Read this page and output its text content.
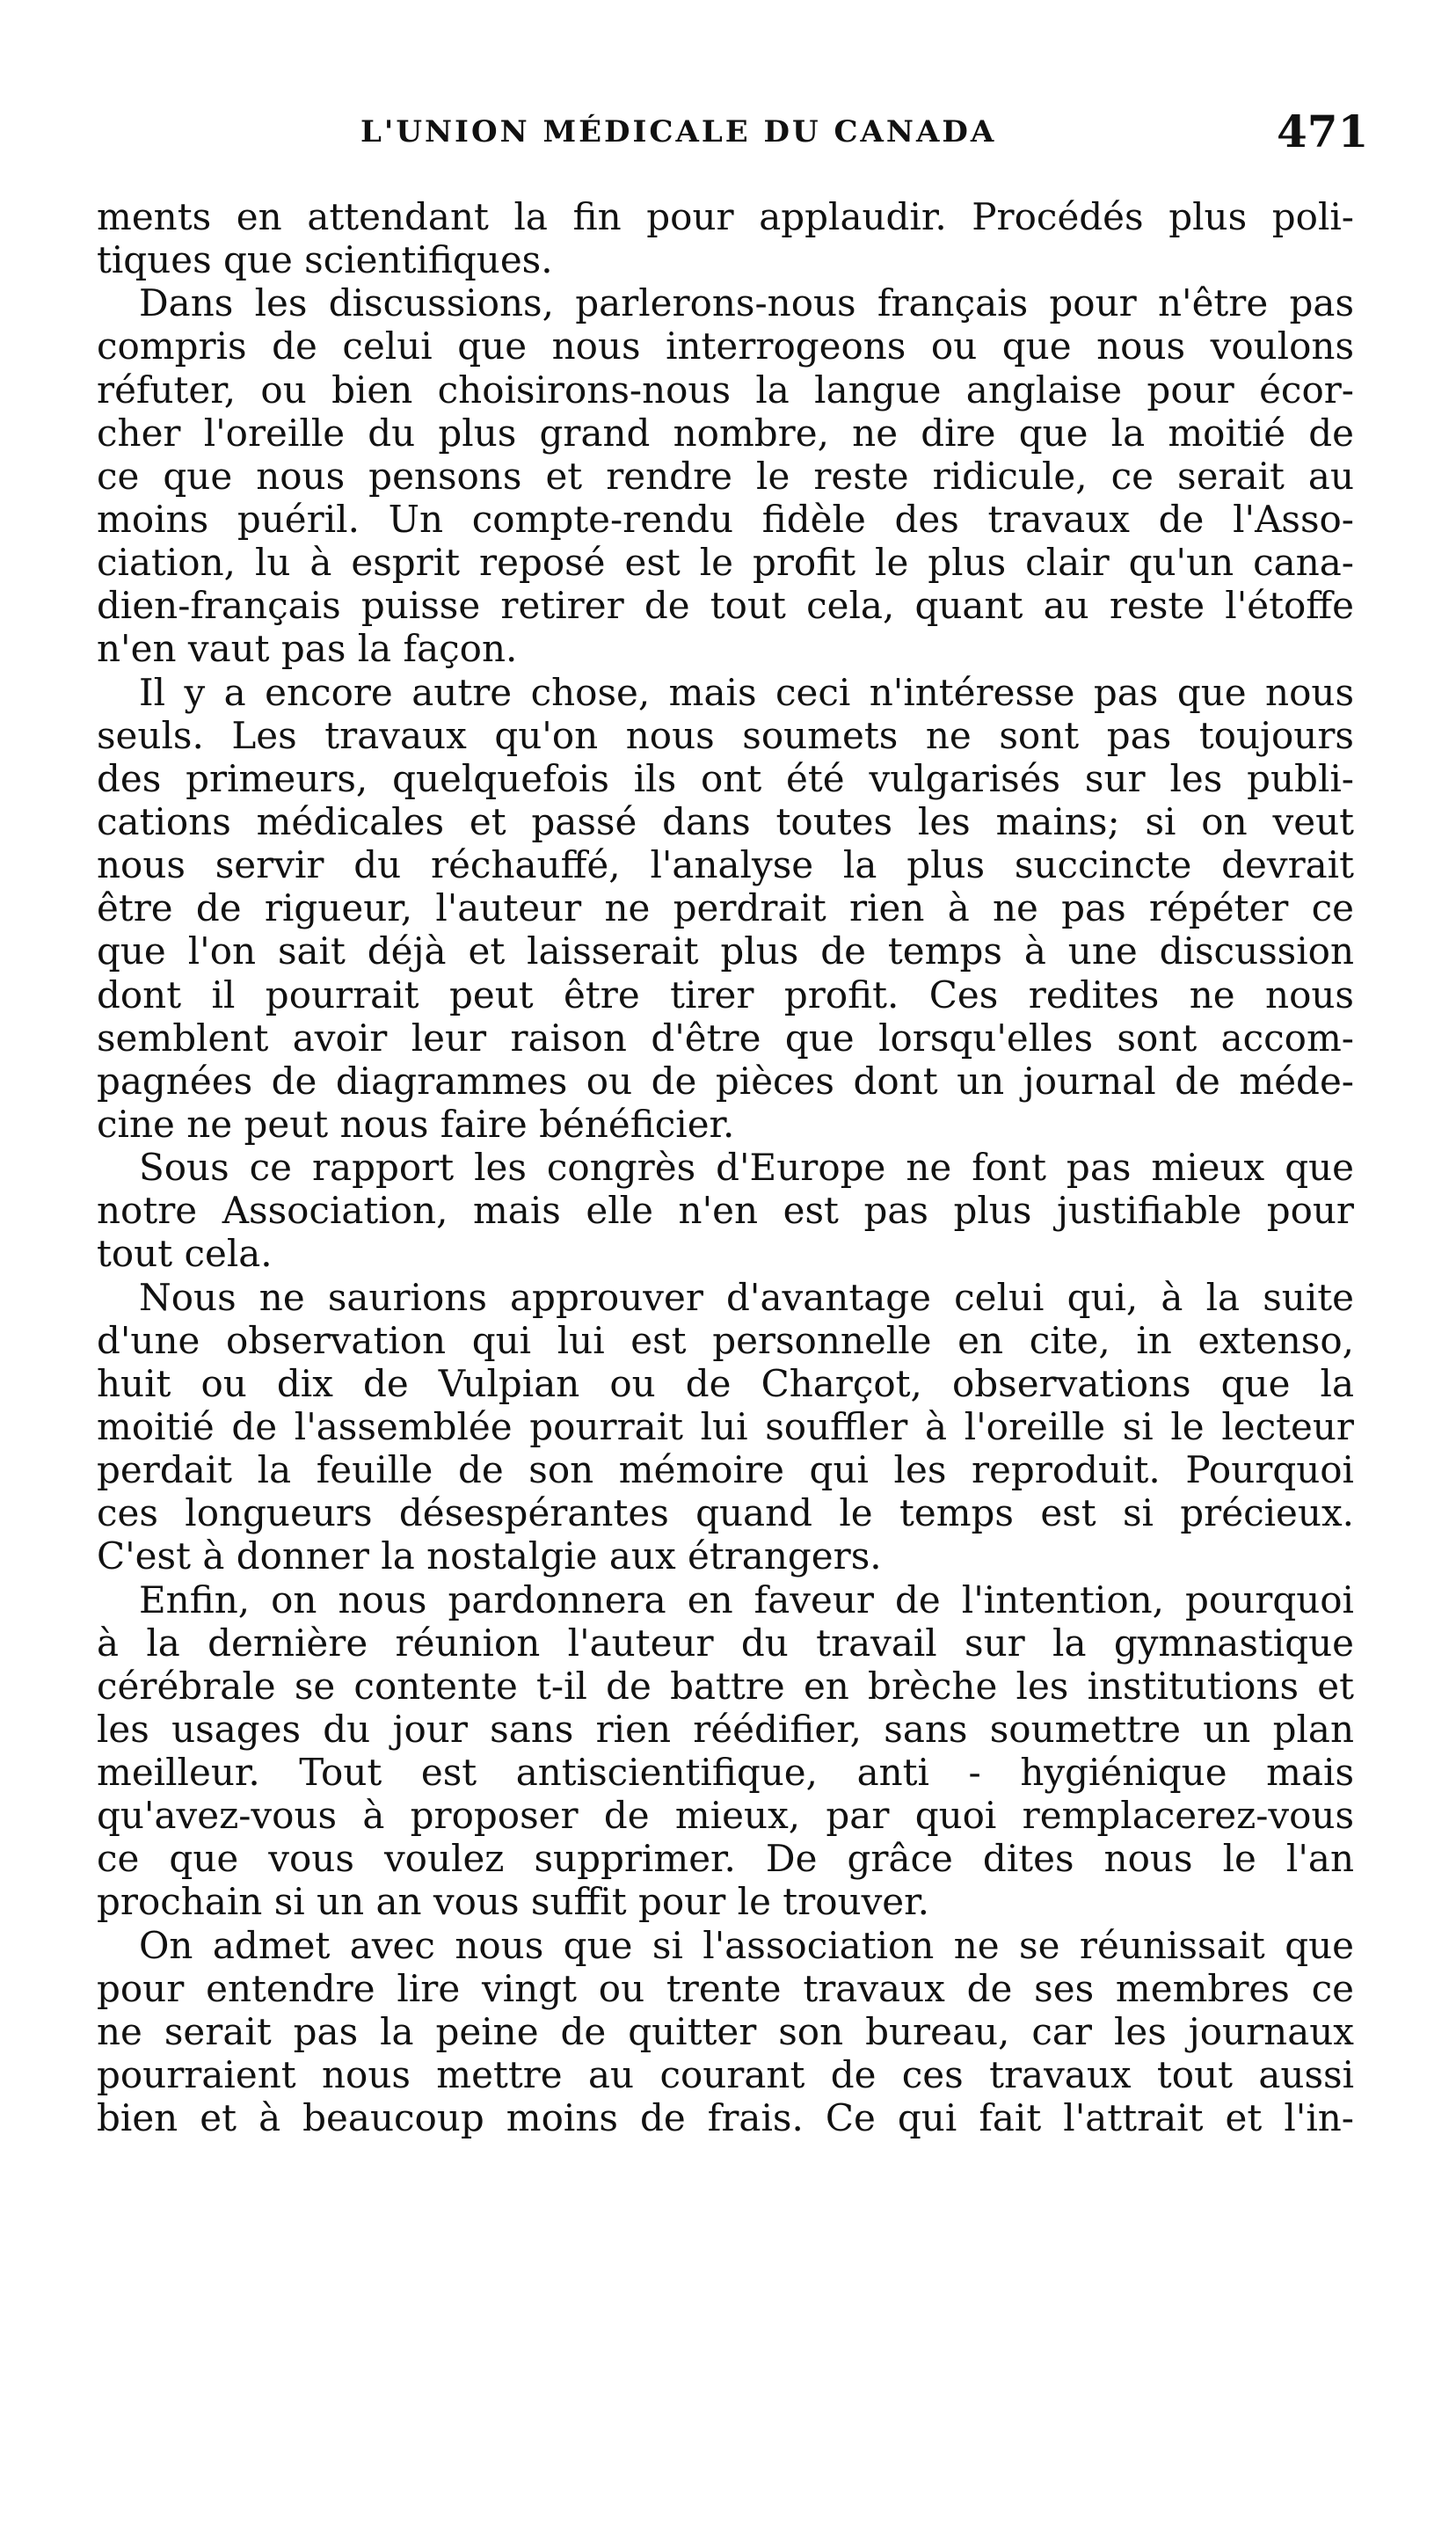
L'UNION MÉDICALE DU CANADA	471
ments en attendant la fin pour applaudir. Procédés plus poli-
tiques que scientifiques.
Dans les discussions, parlerons-nous français pour n'être pas
compris de celui que nous interrogeons ou que nous voulons
réfuter, ou bien choisirons-nous la langue anglaise pour écor-
cher l'oreille du plus grand nombre, ne dire que la moitié de
ce que nous pensons et rendre le reste ridicule, ce serait au
moins puéril. Un compte-rendu fidèle des travaux de l'Asso-
ciation, lu à esprit reposé est le profit le plus clair qu'un cana-
dien-français puisse retirer de tout cela, quant au reste l'étoffe
n'en vaut pas la façon.
Il y a encore autre chose, mais ceci n'intéresse pas que nous
seuls. Les travaux qu'on nous soumets ne sont pas toujours
des primeurs, quelquefois ils ont été vulgarisés sur les publi-
cations médicales et passé dans toutes les mains; si on veut
nous servir du réchauffé, l'analyse la plus succincte devrait
être de rigueur, l'auteur ne perdrait rien à ne pas répéter ce
que l'on sait déjà et laisserait plus de temps à une discussion
dont il pourrait peut être tirer profit. Ces redites ne nous
semblent avoir leur raison d'être que lorsqu'elles sont accom-
pagnées de diagrammes ou de pièces dont un journal de méde-
cine ne peut nous faire bénéficier.
Sous ce rapport les congrès d'Europe ne font pas mieux que
notre Association, mais elle n'en est pas plus justifiable pour
tout cela.
Nous ne saurions approuver d'avantage celui qui, à la suite
d'une observation qui lui est personnelle en cite, in extenso,
huit ou dix de Vulpian ou de Charçot, observations que la
moitié de l'assemblée pourrait lui souffler à l'oreille si le lecteur
perdait la feuille de son mémoire qui les reproduit. Pourquoi
ces longueurs désespérantes quand le temps est si précieux.
C'est à donner la nostalgie aux étrangers.
Enfin, on nous pardonnera en faveur de l'intention, pourquoi
à la dernière réunion l'auteur du travail sur la gymnastique
cérébrale se contente t-il de battre en brèche les institutions et
les usages du jour sans rien réédifier, sans soumettre un plan
meilleur. Tout est antiscientifique, anti - hygiénique mais
qu'avez-vous à proposer de mieux, par quoi remplacerez-vous
ce que vous voulez supprimer. De grâce dites nous le l'an
prochain si un an vous suffit pour le trouver.
On admet avec nous que si l'association ne se réunissait que
pour entendre lire vingt ou trente travaux de ses membres ce
ne serait pas la peine de quitter son bureau, car les journaux
pourraient nous mettre au courant de ces travaux tout aussi
bien et à beaucoup moins de frais. Ce qui fait l'attrait et l'in-
